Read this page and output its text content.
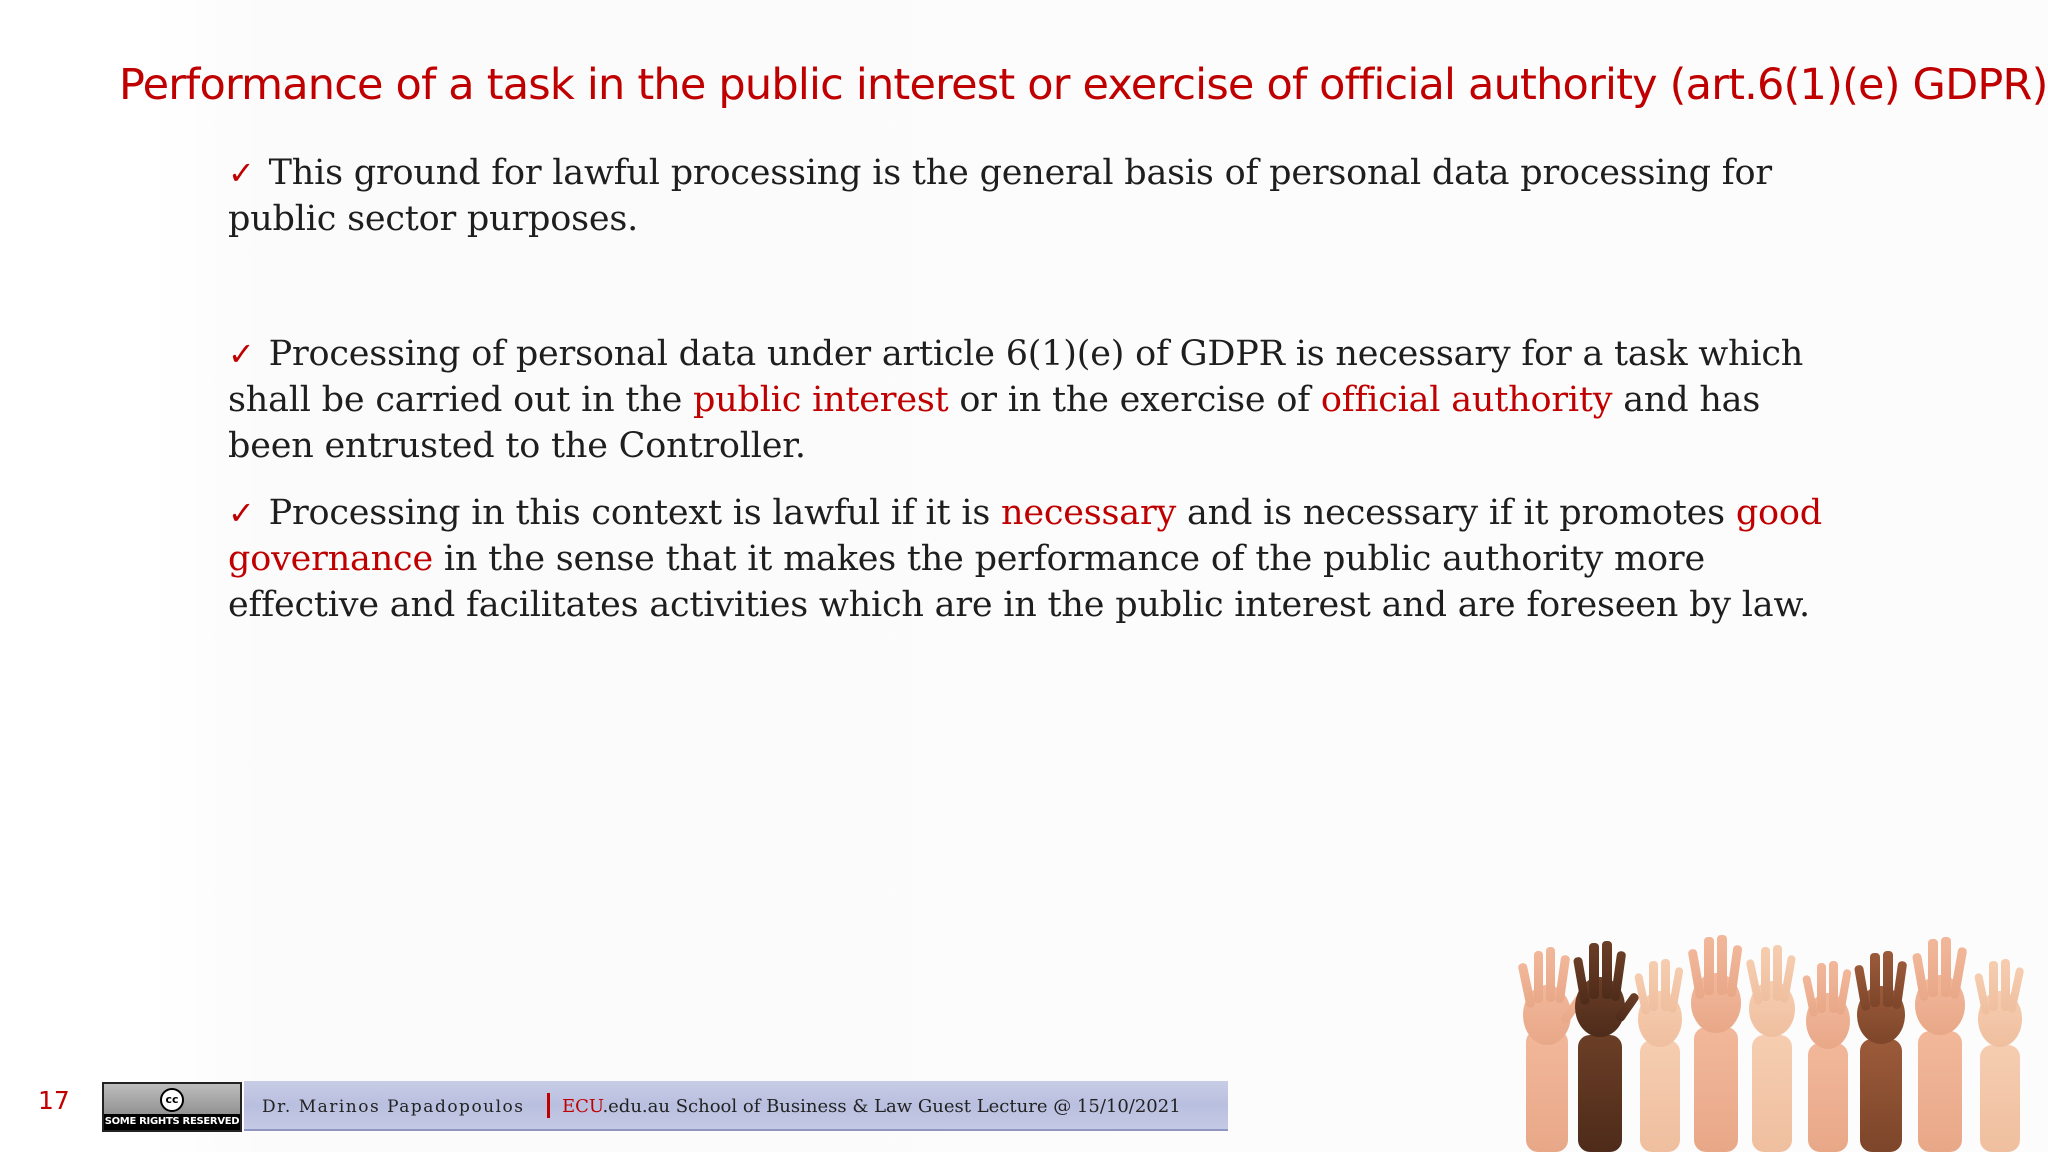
Performance of a task in the public interest or exercise of official authority (art.6(1)(e) GDPR)
✓ This ground for lawful processing is the general basis of personal data processing for public sector purposes.
✓ Processing of personal data under article 6(1)(e) of GDPR is necessary for a task which shall be carried out in the public interest or in the exercise of official authority and has been entrusted to the Controller.
✓ Processing in this context is lawful if it is necessary and is necessary if it promotes good governance in the sense that it makes the performance of the public authority more effective and facilitates activities which are in the public interest and are foreseen by law.
17	cc
SOME RIGHTS RESERVED
Dr. Marinos Papadopoulos ECU.edu.au School of Business & Law Guest Lecture @ 15/10/2021
